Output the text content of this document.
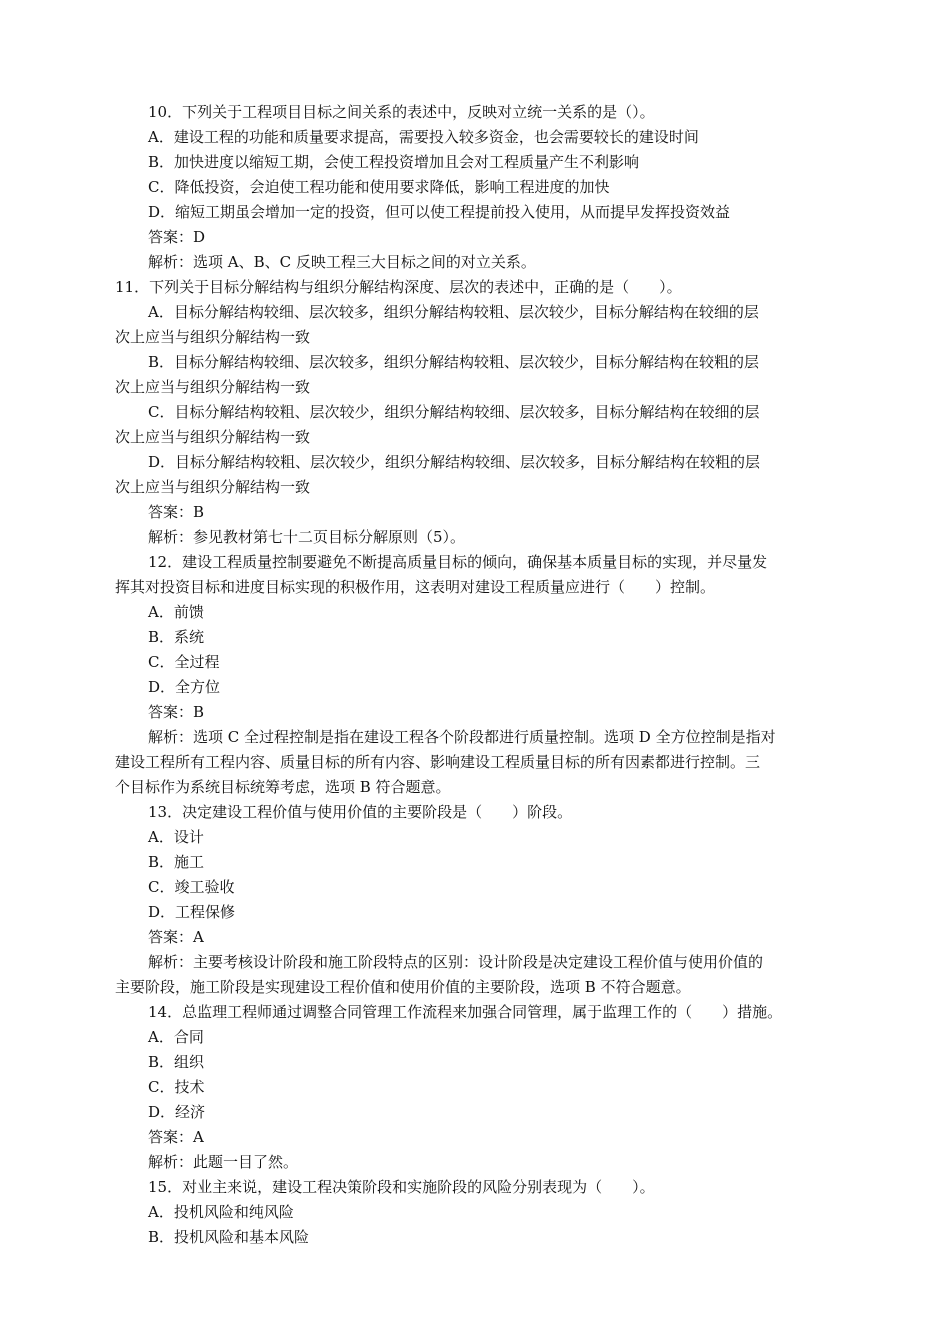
10．下列关于工程项目目标之间关系的表述中，反映对立统一关系的是（）。
A．建设工程的功能和质量要求提高，需要投入较多资金，也会需要较长的建设时间
B．加快进度以缩短工期，会使工程投资增加且会对工程质量产生不利影响
C．降低投资，会迫使工程功能和使用要求降低，影响工程进度的加快
D．缩短工期虽会增加一定的投资，但可以使工程提前投入使用，从而提早发挥投资效益
答案：D
解析：选项 A、B、C 反映工程三大目标之间的对立关系。
11．下列关于目标分解结构与组织分解结构深度、层次的表述中，正确的是（　　）。
A．目标分解结构较细、层次较多，组织分解结构较粗、层次较少，目标分解结构在较细的层
次上应当与组织分解结构一致
B．目标分解结构较细、层次较多，组织分解结构较粗、层次较少，目标分解结构在较粗的层
次上应当与组织分解结构一致
C．目标分解结构较粗、层次较少，组织分解结构较细、层次较多，目标分解结构在较细的层
次上应当与组织分解结构一致
D．目标分解结构较粗、层次较少，组织分解结构较细、层次较多，目标分解结构在较粗的层
次上应当与组织分解结构一致
答案：B
解析：参见教材第七十二页目标分解原则（5）。
12．建设工程质量控制要避免不断提高质量目标的倾向，确保基本质量目标的实现，并尽量发
挥其对投资目标和进度目标实现的积极作用，这表明对建设工程质量应进行（　　）控制。
A．前馈
B．系统
C．全过程
D．全方位
答案：B
解析：选项 C 全过程控制是指在建设工程各个阶段都进行质量控制。选项 D 全方位控制是指对
建设工程所有工程内容、质量目标的所有内容、影响建设工程质量目标的所有因素都进行控制。三
个目标作为系统目标统筹考虑，选项 B 符合题意。
13．决定建设工程价值与使用价值的主要阶段是（　　）阶段。
A．设计
B．施工
C．竣工验收
D．工程保修
答案：A
解析：主要考核设计阶段和施工阶段特点的区别：设计阶段是决定建设工程价值与使用价值的
主要阶段，施工阶段是实现建设工程价值和使用价值的主要阶段，选项 B 不符合题意。
14．总监理工程师通过调整合同管理工作流程来加强合同管理，属于监理工作的（　　）措施。
A．合同
B．组织
C．技术
D．经济
答案：A
解析：此题一目了然。
15．对业主来说，建设工程决策阶段和实施阶段的风险分别表现为（　　）。
A．投机风险和纯风险
B．投机风险和基本风险
